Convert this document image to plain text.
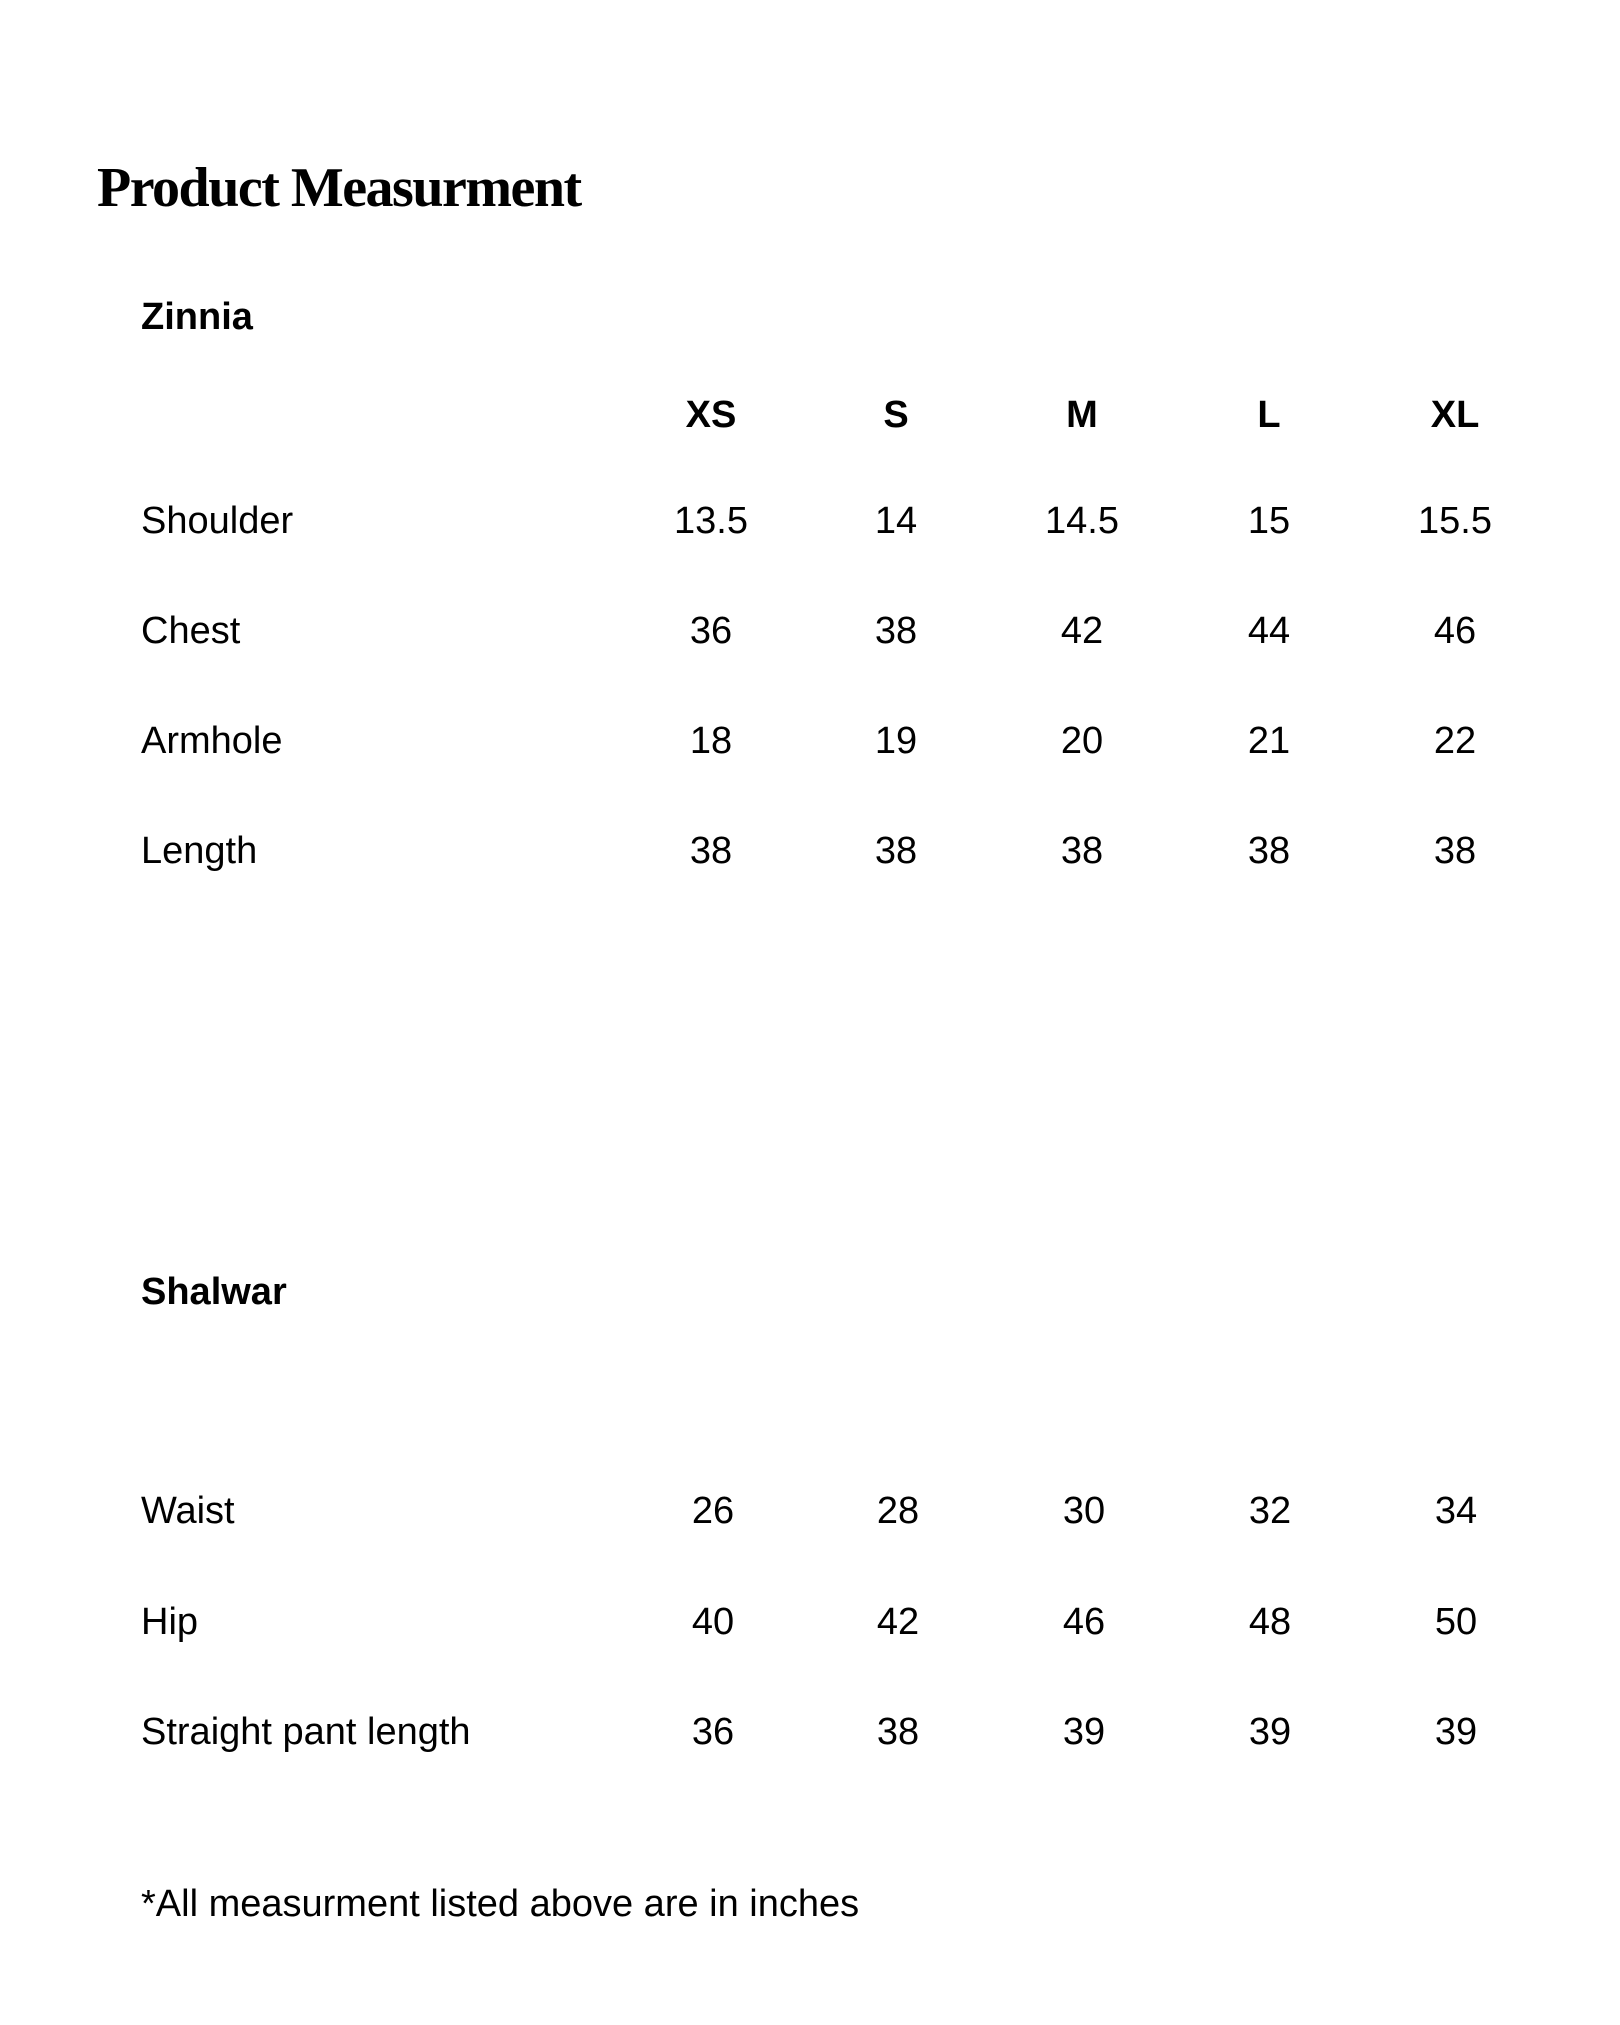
Product Measurment
Zinnia
XS	S	M	L	XL
Shoulder	13.5	14	14.5	15	15.5
Chest	36	38	42	44	46
Armhole	18	19	20	21	22
Length	38	38	38	38	38
Shalwar
Waist	26	28	30	32	34
Hip	40	42	46	48	50
Straight pant length	36	38	39	39	39
*All measurment listed above are in inches
